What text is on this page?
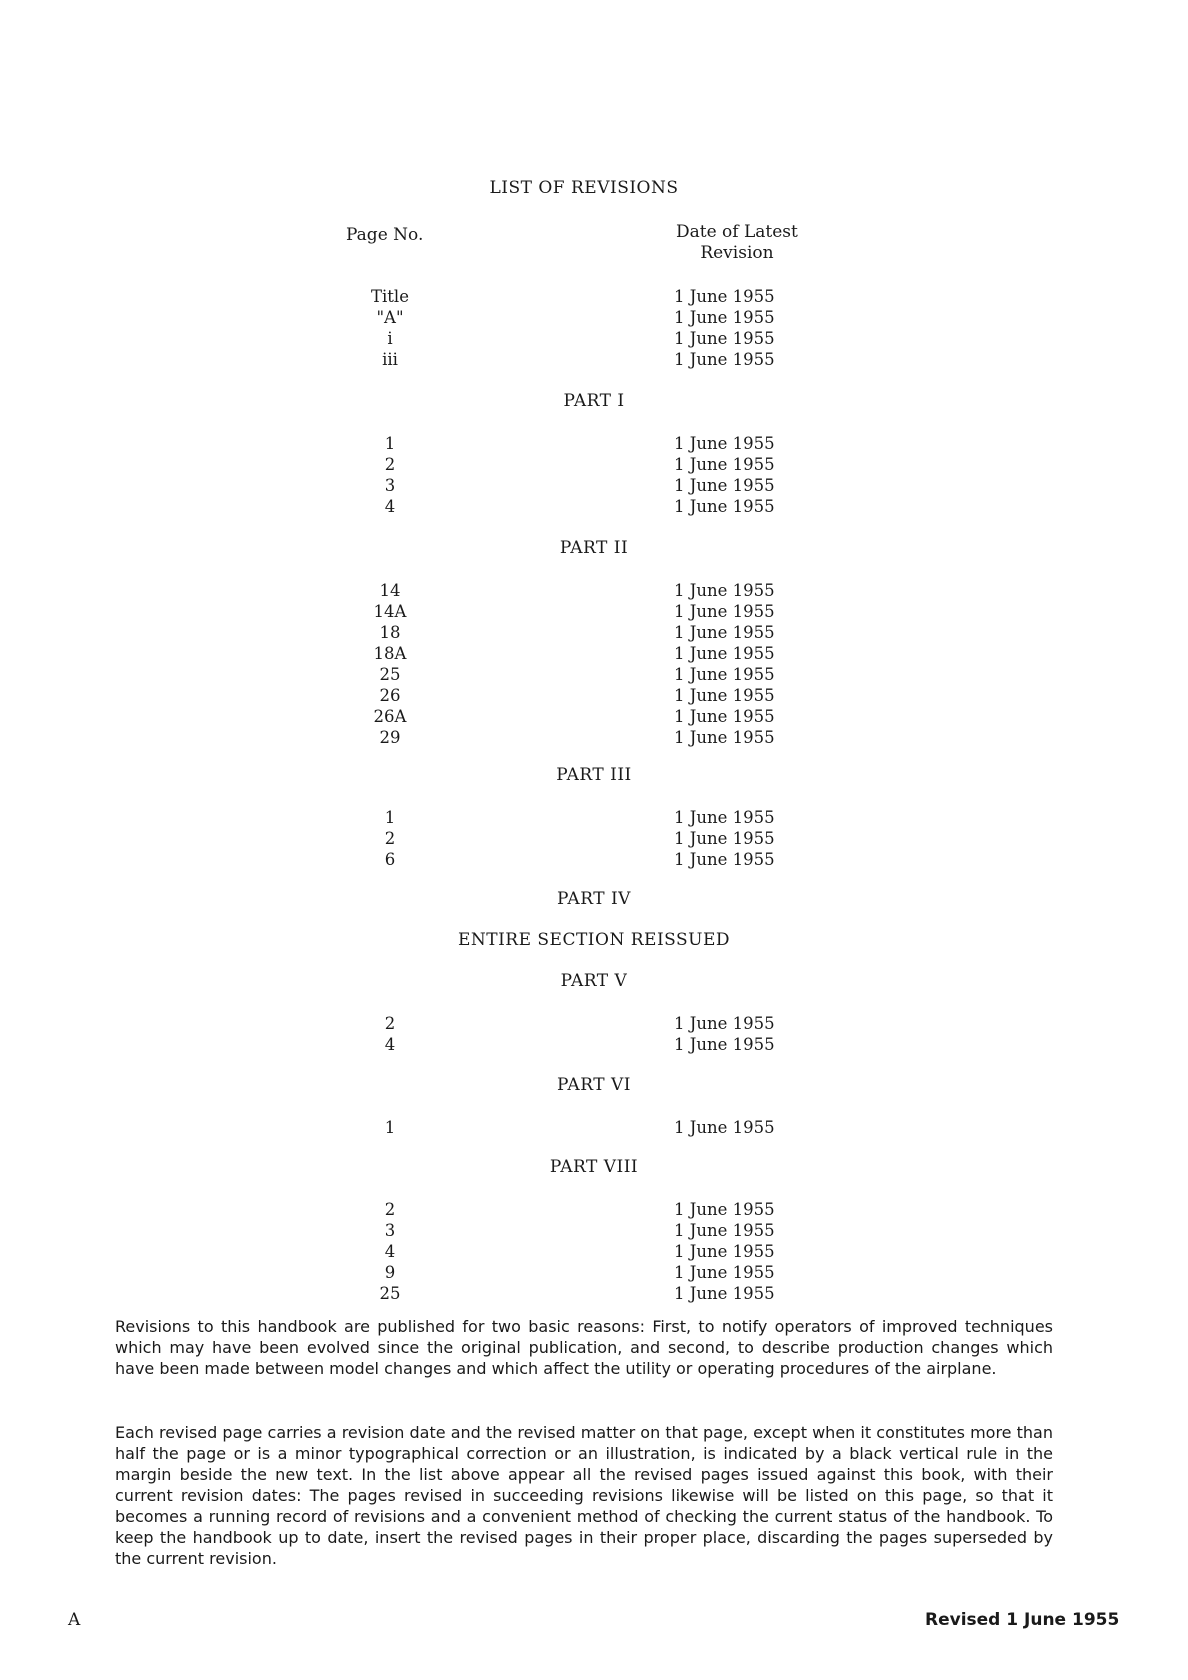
LIST OF REVISIONS
Page No.	Date of Latest
Revision
Title	1 June 1955
"A"	1 June 1955
i	1 June 1955
iii	1 June 1955
PART I
1	1 June 1955
2	1 June 1955
3	1 June 1955
4	1 June 1955
PART II
14	1 June 1955
14A	1 June 1955
18	1 June 1955
18A	1 June 1955
25	1 June 1955
26	1 June 1955
26A	1 June 1955
29	1 June 1955
PART III
1	1 June 1955
2	1 June 1955
6	1 June 1955
PART IV
ENTIRE SECTION REISSUED
PART V
2	1 June 1955
4	1 June 1955
PART VI
1	1 June 1955
PART VIII
2	1 June 1955
3	1 June 1955
4	1 June 1955
9	1 June 1955
25	1 June 1955
Revisions to this handbook are published for two basic reasons: First, to notify operators of improved techniques which may have been evolved since the original publication, and second, to describe production changes which have been made between model changes and which affect the utility or operating procedures of the airplane.
Each revised page carries a revision date and the revised matter on that page, except when it constitutes more than half the page or is a minor typographical correction or an illustration, is indicated by a black vertical rule in the margin beside the new text. In the list above appear all the revised pages issued against this book, with their current revision dates: The pages revised in succeeding revisions likewise will be listed on this page, so that it becomes a running record of revisions and a convenient method of checking the current status of the handbook. To keep the handbook up to date, insert the revised pages in their proper place, discarding the pages superseded by the current revision.
A	Revised 1 June 1955
